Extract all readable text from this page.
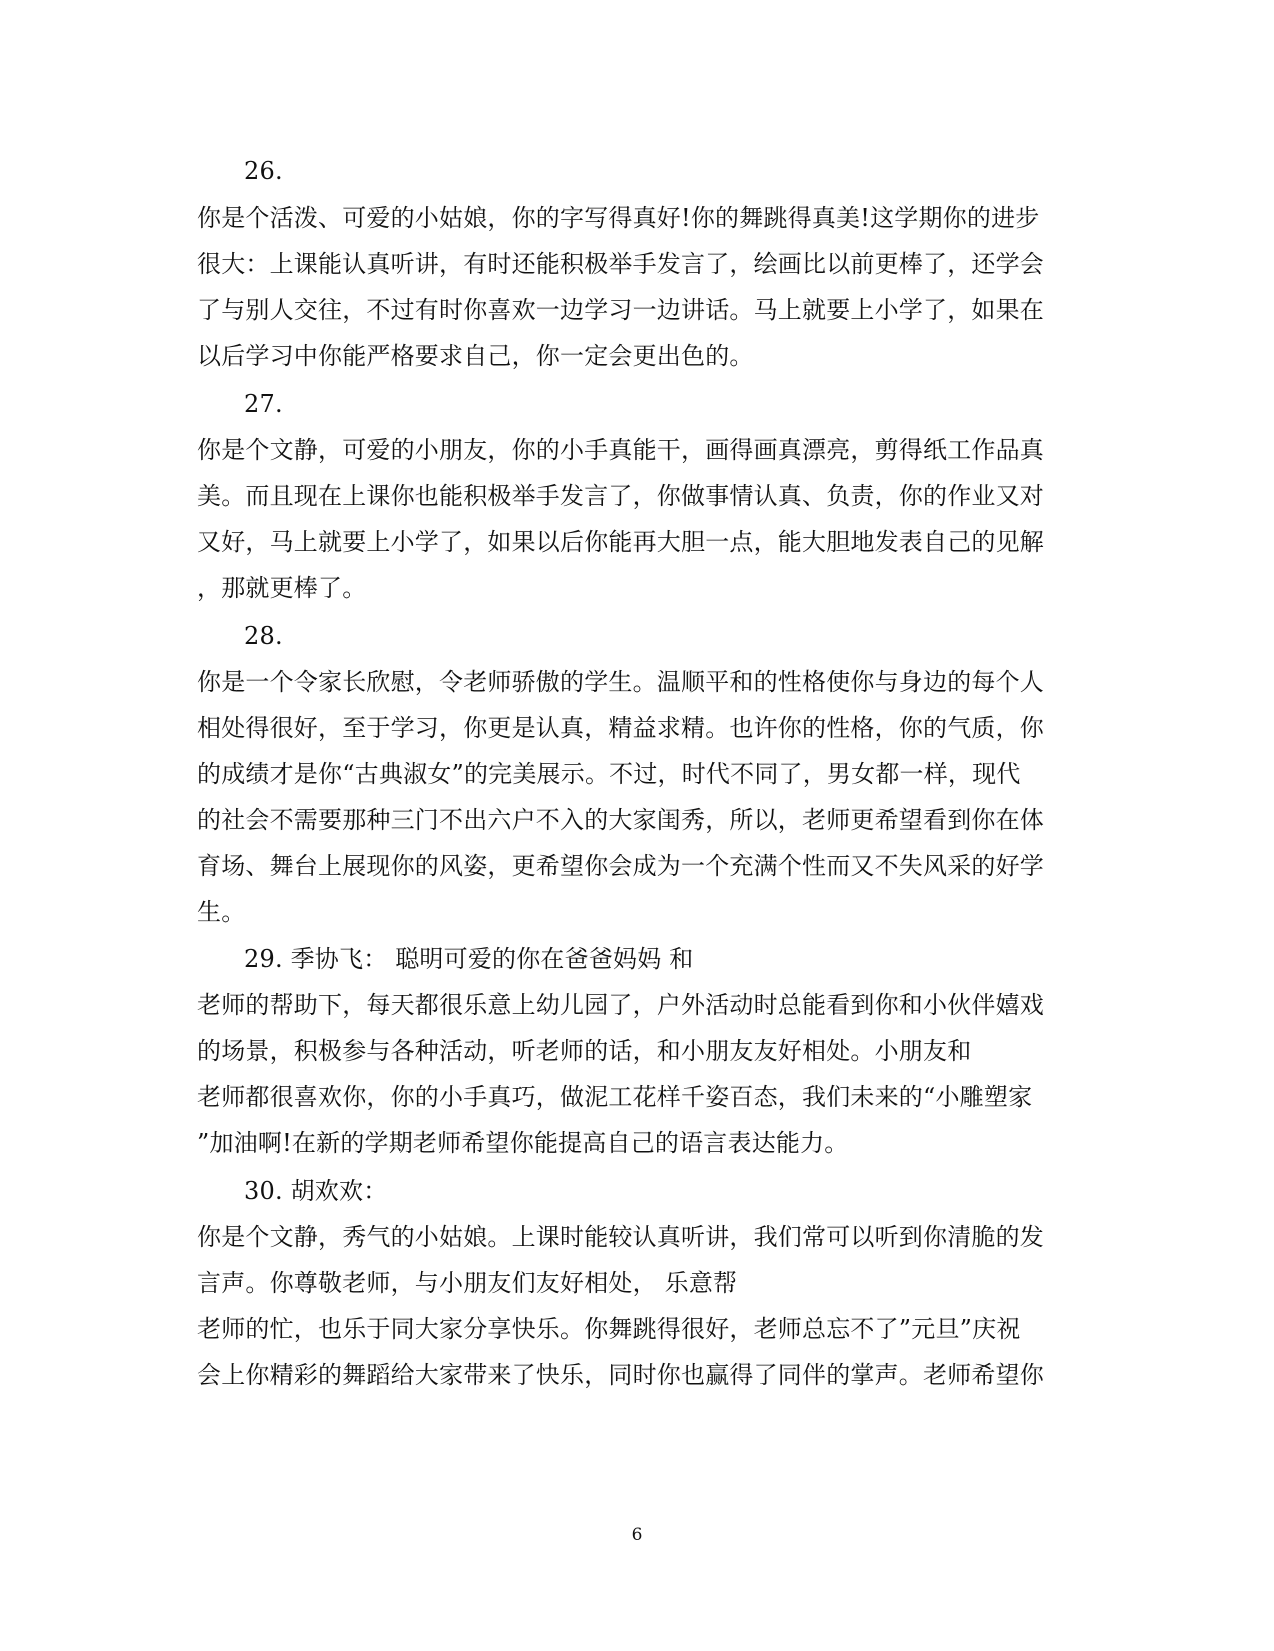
26.
你是个活泼、可爱的小姑娘，你的字写得真好!你的舞跳得真美!这学期你的进步
很大：上课能认真听讲，有时还能积极举手发言了，绘画比以前更棒了，还学会
了与别人交往，不过有时你喜欢一边学习一边讲话。马上就要上小学了，如果在
以后学习中你能严格要求自己，你一定会更出色的。
27.
你是个文静，可爱的小朋友，你的小手真能干，画得画真漂亮，剪得纸工作品真
美。而且现在上课你也能积极举手发言了，你做事情认真、负责，你的作业又对
又好，马上就要上小学了，如果以后你能再大胆一点，能大胆地发表自己的见解
，那就更棒了。
28.
你是一个令家长欣慰，令老师骄傲的学生。温顺平和的性格使你与身边的每个人
相处得很好，至于学习，你更是认真，精益求精。也许你的性格，你的气质，你
的成绩才是你“古典淑女”的完美展示。不过，时代不同了，男女都一样，现代
的社会不需要那种三门不出六户不入的大家闺秀，所以，老师更希望看到你在体
育场、舞台上展现你的风姿，更希望你会成为一个充满个性而又不失风采的好学
生。
29. 季协飞： 聪明可爱的你在爸爸妈妈 和
老师的帮助下，每天都很乐意上幼儿园了，户外活动时总能看到你和小伙伴嬉戏
的场景，积极参与各种活动，听老师的话，和小朋友友好相处。小朋友和
老师都很喜欢你，你的小手真巧，做泥工花样千姿百态，我们未来的“小雕塑家
”加油啊!在新的学期老师希望你能提高自己的语言表达能力。
30. 胡欢欢：
你是个文静，秀气的小姑娘。上课时能较认真听讲，我们常可以听到你清脆的发
言声。你尊敬老师，与小朋友们友好相处， 乐意帮
老师的忙，也乐于同大家分享快乐。你舞跳得很好，老师总忘不了”元旦”庆祝
会上你精彩的舞蹈给大家带来了快乐，同时你也赢得了同伴的掌声。老师希望你
6
